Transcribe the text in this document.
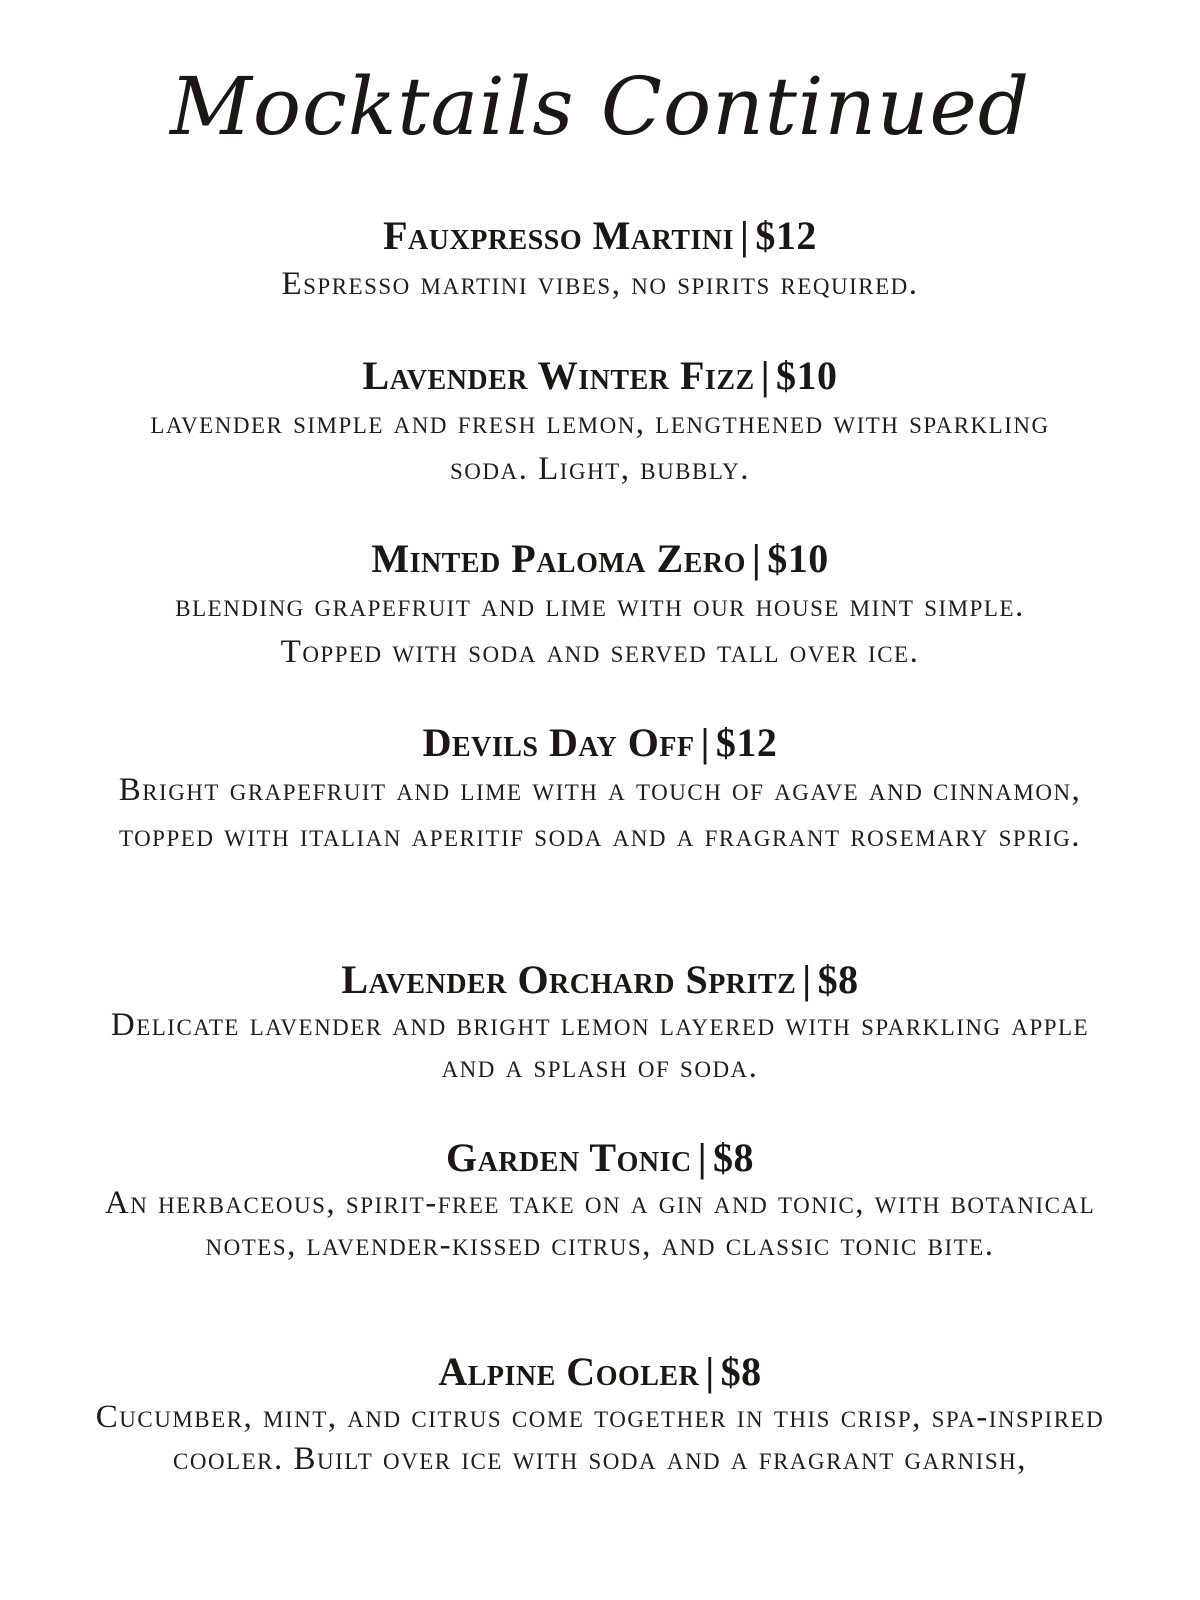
Mocktails Continued
Fauxpresso Martini | $12
Espresso martini vibes, no spirits required.
Lavender Winter Fizz | $10
lavender simple and fresh lemon, lengthened with sparkling soda. Light, bubbly.
Minted Paloma Zero | $10
blending grapefruit and lime with our house mint simple. Topped with soda and served tall over ice.
Devils Day Off | $12
Bright grapefruit and lime with a touch of agave and cinnamon, topped with italian aperitif soda and a fragrant rosemary sprig.
Lavender Orchard Spritz | $8
Delicate lavender and bright lemon layered with sparkling apple and a splash of soda.
Garden Tonic | $8
An herbaceous, spirit-free take on a gin and tonic, with botanical notes, lavender-kissed citrus, and classic tonic bite.
Alpine Cooler | $8
Cucumber, mint, and citrus come together in this crisp, spa-inspired cooler. Built over ice with soda and a fragrant garnish,
